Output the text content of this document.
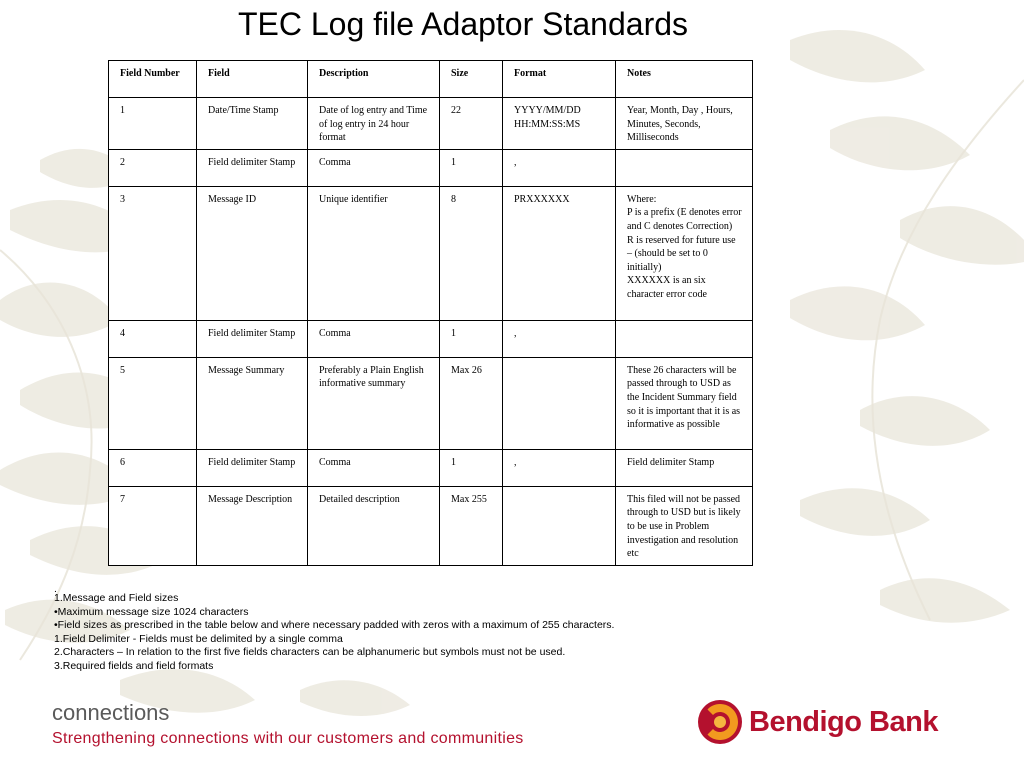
TEC Log file Adaptor Standards
Field Number	Field	Description	Size	Format	Notes
1	Date/Time Stamp	Date of log entry and Time of log entry in 24 hour format	22	YYYY/MM/DD HH:MM:SS:MS	Year, Month, Day , Hours, Minutes, Seconds, Milliseconds
2	Field delimiter Stamp	Comma	1	,	
3	Message ID	Unique identifier	8	PRXXXXXX	Where:
P is a prefix (E denotes error and C denotes Correction)
R is reserved for future use – (should be set to 0 initially)
XXXXXX is an six character error code
4	Field delimiter Stamp	Comma	1	,	
5	Message Summary	Preferably a Plain English informative summary	Max 26		These 26 characters will be passed through to USD as the Incident Summary field so it is important that it is as informative as possible
6	Field delimiter Stamp	Comma	1	,	Field delimiter Stamp
7	Message Description	Detailed description	Max 255		This filed will not be passed through to USD but is likely to be use in Problem investigation and resolution etc
.
1.Message and Field sizes
•Maximum message size 1024 characters
•Field sizes as prescribed in the table below and where necessary padded with zeros with a maximum of 255 characters.
1.Field Delimiter - Fields must be delimited by a single comma
2.Characters – In relation to the first five fields characters can be alphanumeric but symbols must not be used.
3.Required fields and field formats
connections
Strengthening connections with our customers and communities
Bendigo Bank
